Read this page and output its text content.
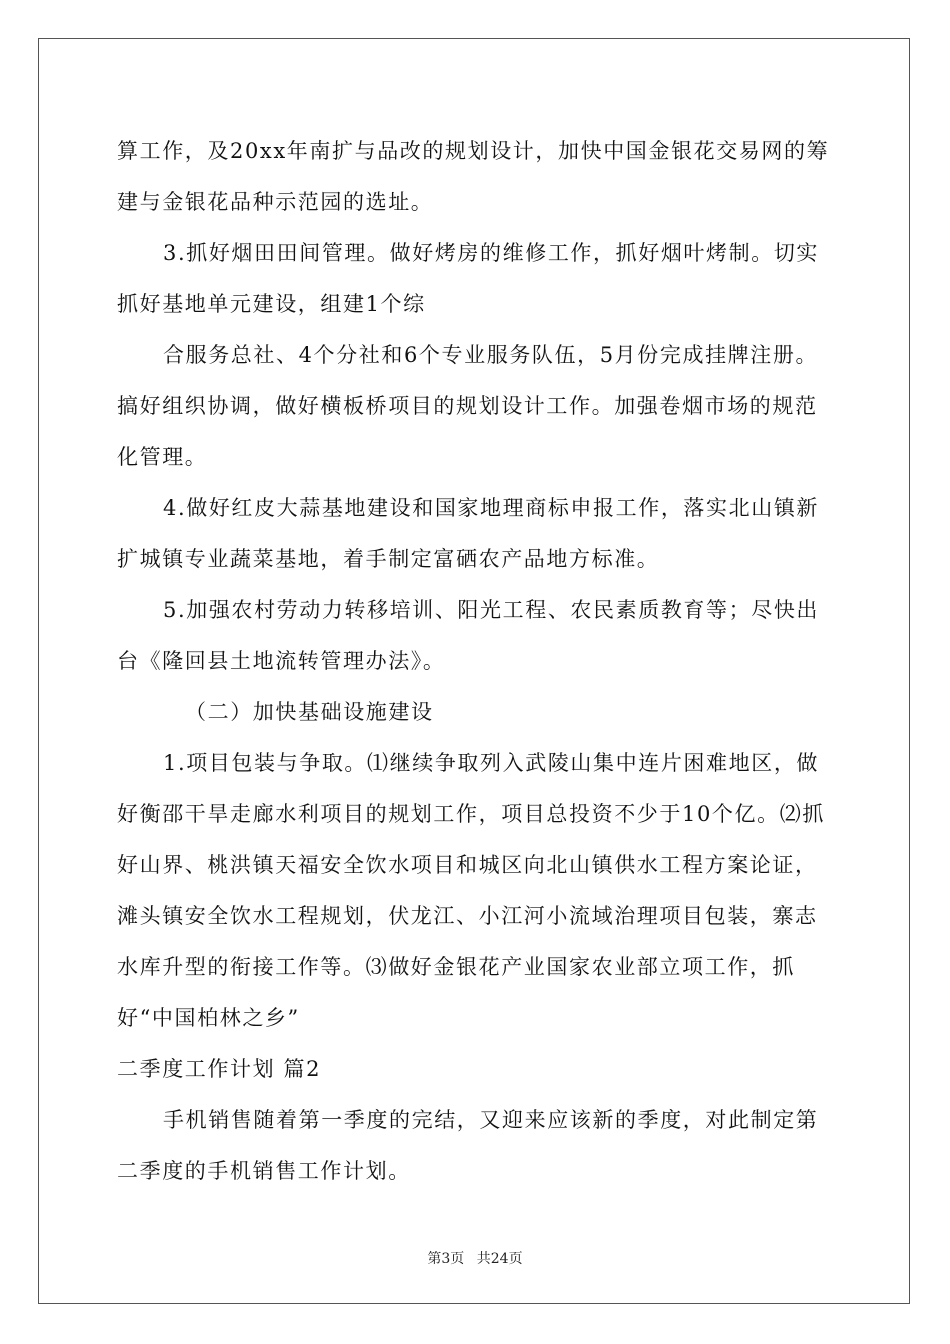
算工作，及20xx年南扩与品改的规划设计，加快中国金银花交易网的筹建与金银花品种示范园的选址。

3.抓好烟田田间管理。做好烤房的维修工作，抓好烟叶烤制。切实抓好基地单元建设，组建1个综

合服务总社、4个分社和6个专业服务队伍，5月份完成挂牌注册。搞好组织协调，做好横板桥项目的规划设计工作。加强卷烟市场的规范化管理。

4.做好红皮大蒜基地建设和国家地理商标申报工作，落实北山镇新扩城镇专业蔬菜基地，着手制定富硒农产品地方标准。

5.加强农村劳动力转移培训、阳光工程、农民素质教育等；尽快出台《隆回县土地流转管理办法》。

（二）加快基础设施建设

1.项目包装与争取。⑴继续争取列入武陵山集中连片困难地区，做好衡邵干旱走廊水利项目的规划工作，项目总投资不少于10个亿。⑵抓好山界、桃洪镇天福安全饮水项目和城区向北山镇供水工程方案论证，滩头镇安全饮水工程规划，伏龙江、小江河小流域治理项目包装，寨志水库升型的衔接工作等。⑶做好金银花产业国家农业部立项工作，抓好“中国柏林之乡”

二季度工作计划 篇2

手机销售随着第一季度的完结，又迎来应该新的季度，对此制定第二季度的手机销售工作计划。

第3页 共24页
